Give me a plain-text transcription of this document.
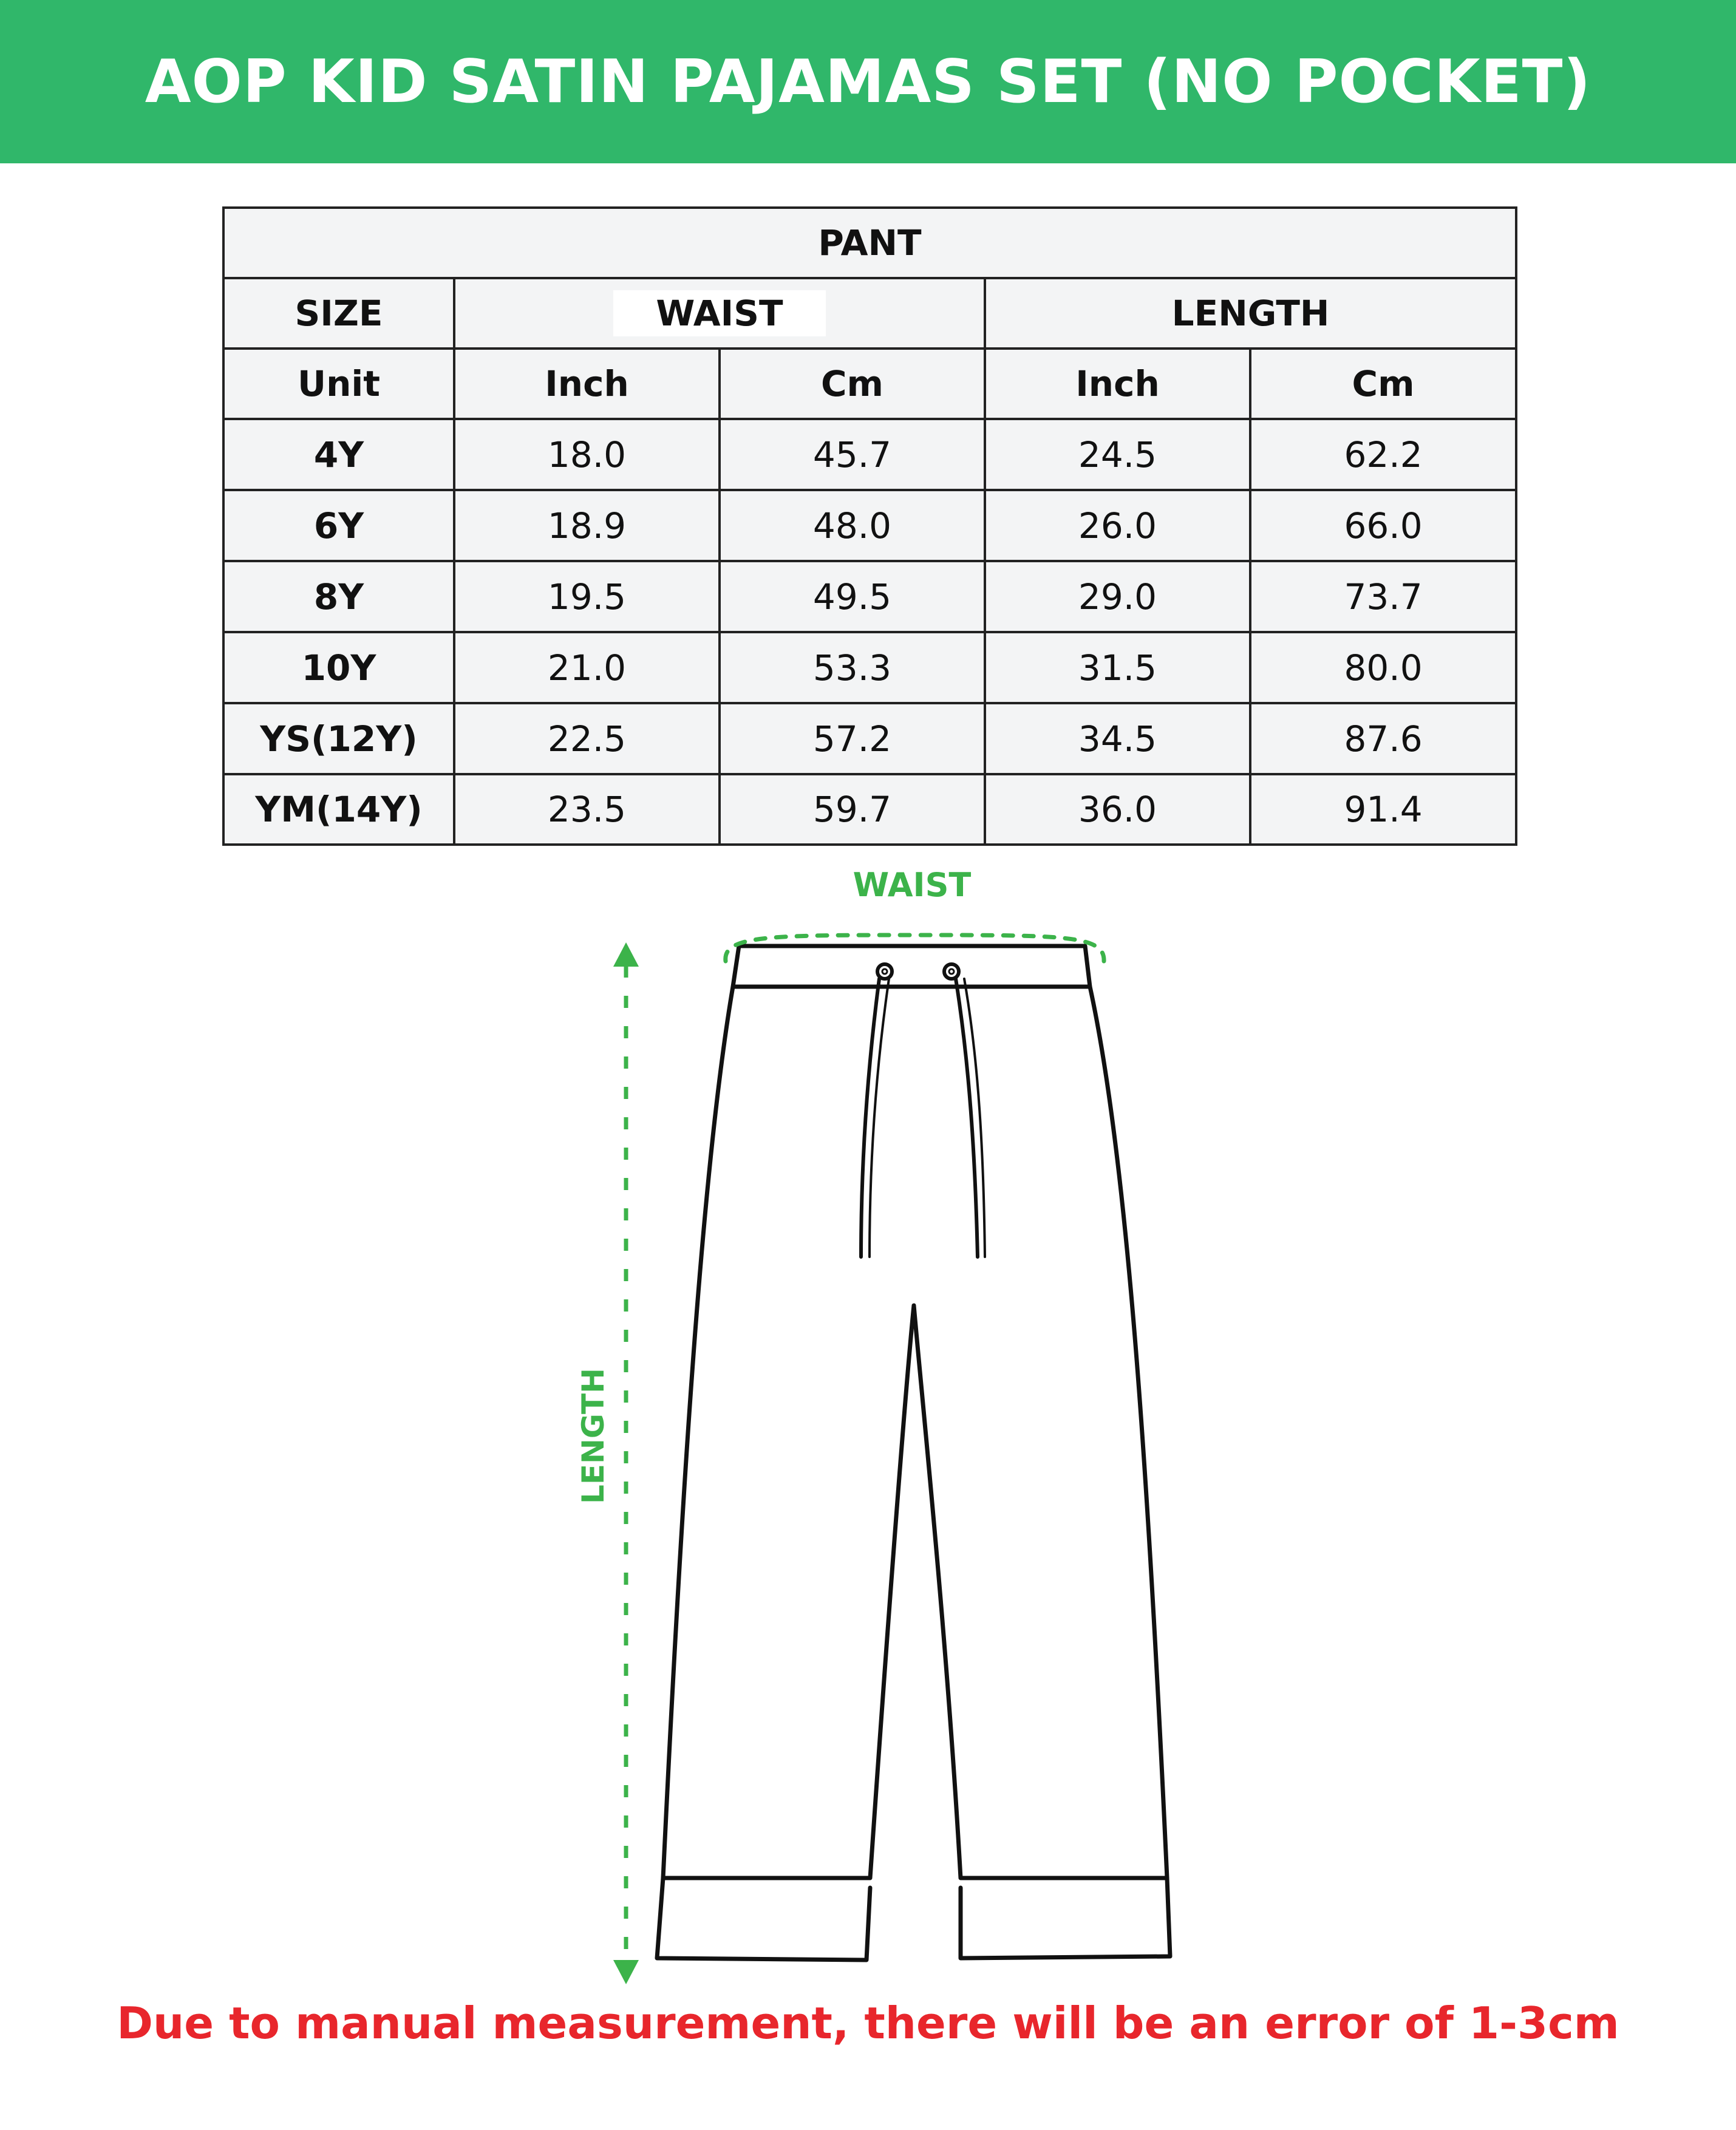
AOP KID SATIN PAJAMAS SET (NO POCKET)
PANT				
SIZE	WAIST		LENGTH	
Unit	Inch	Cm	Inch	Cm
4Y	18.0	45.7	24.5	62.2
6Y	18.9	48.0	26.0	66.0
8Y	19.5	49.5	29.0	73.7
10Y	21.0	53.3	31.5	80.0
YS(12Y)	22.5	57.2	34.5	87.6
YM(14Y)	23.5	59.7	36.0	91.4
WAIST
LENGTH
Due to manual measurement, there will be an error of 1-3cm
